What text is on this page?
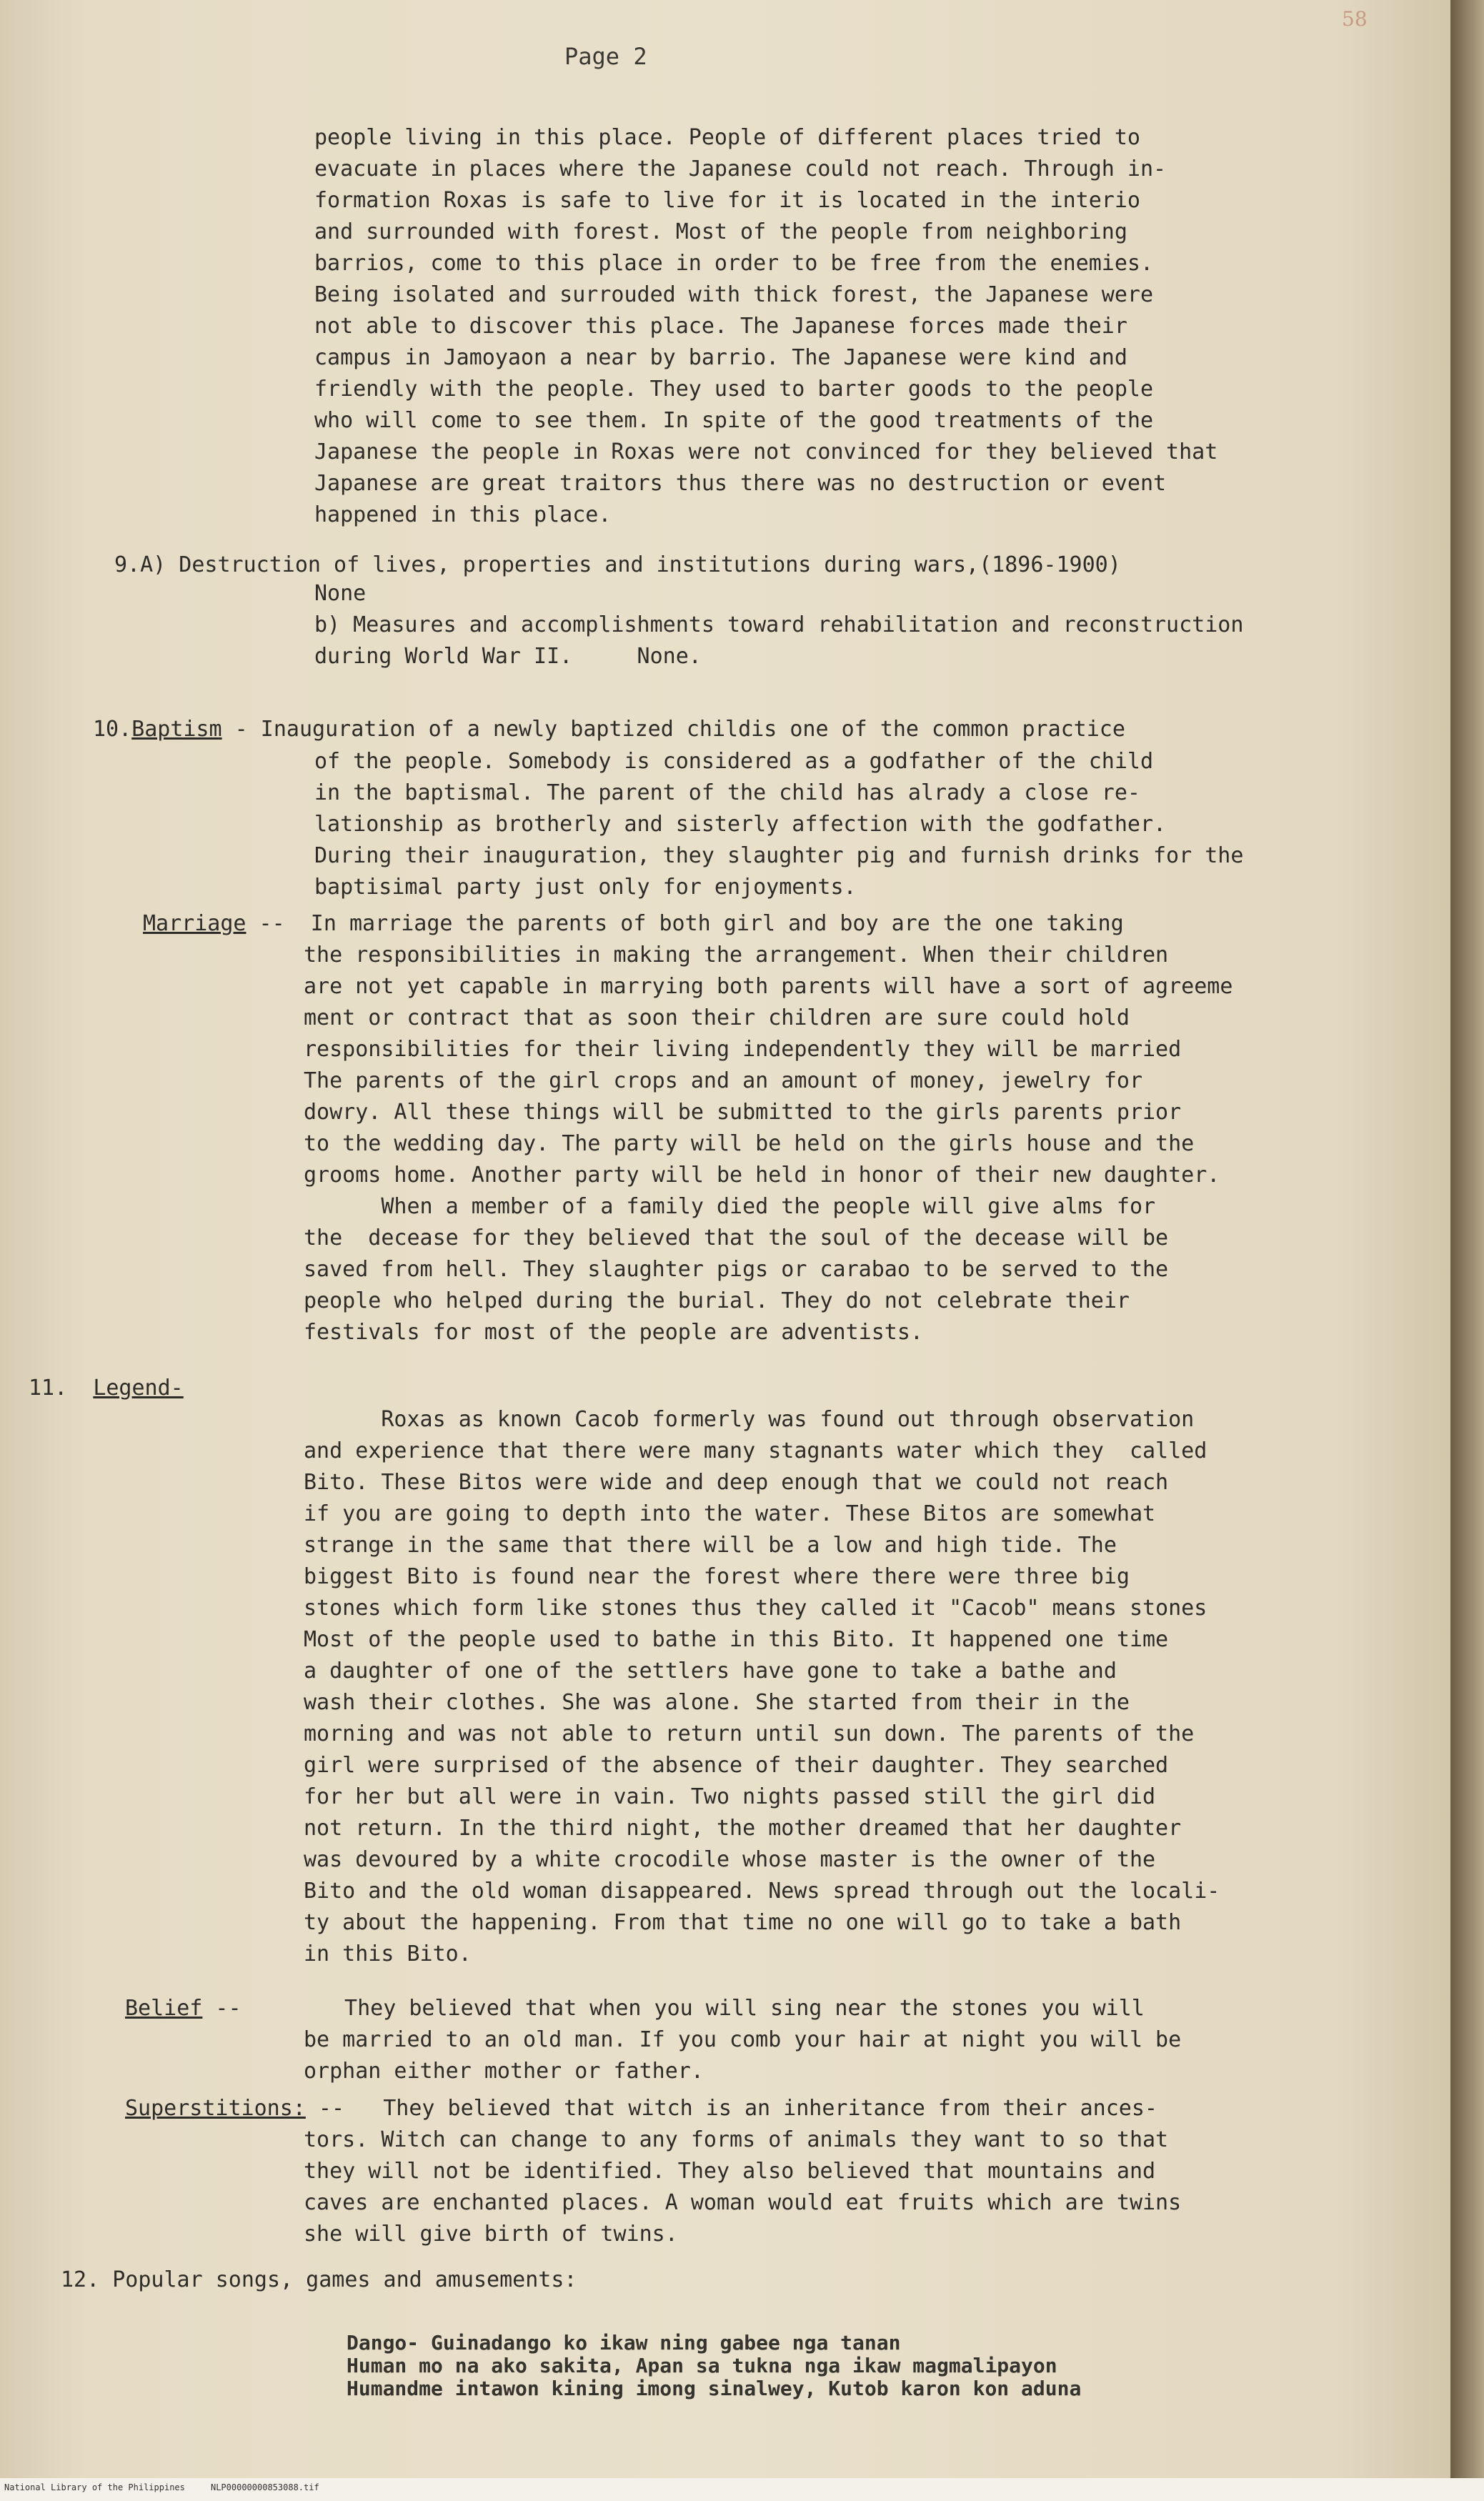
Page 2
58
people living in this place. People of different places tried to
evacuate in places where the Japanese could not reach. Through in-
formation Roxas is safe to live for it is located in the interio
and surrounded with forest. Most of the people from neighboring
barrios, come to this place in order to be free from the enemies.
Being isolated and surrouded with thick forest, the Japanese were
not able to discover this place. The Japanese forces made their
campus in Jamoyaon a near by barrio. The Japanese were kind and
friendly with the people. They used to barter goods to the people
who will come to see them. In spite of the good treatments of the
Japanese the people in Roxas were not convinced for they believed that
Japanese are great traitors thus there was no destruction or event
happened in this place.
9.A) Destruction of lives, properties and institutions during wars,(1896-1900)
None
b) Measures and accomplishments toward rehabilitation and reconstruction
during World War II.     None.
10.Baptism - Inauguration of a newly baptized childis one of the common practice
of the people. Somebody is considered as a godfather of the child
in the baptismal. The parent of the child has alrady a close re-
lationship as brotherly and sisterly affection with the godfather.
During their inauguration, they slaughter pig and furnish drinks for the
baptisimal party just only for enjoyments.
Marriage --  In marriage the parents of both girl and boy are the one taking
the responsibilities in making the arrangement. When their children
are not yet capable in marrying both parents will have a sort of agreeme
ment or contract that as soon their children are sure could hold
responsibilities for their living independently they will be married
The parents of the girl crops and an amount of money, jewelry for
dowry. All these things will be submitted to the girls parents prior
to the wedding day. The party will be held on the girls house and the
grooms home. Another party will be held in honor of their new daughter.
When a member of a family died the people will give alms for
the  decease for they believed that the soul of the decease will be
saved from hell. They slaughter pigs or carabao to be served to the
people who helped during the burial. They do not celebrate their
festivals for most of the people are adventists.
11. Legend-
Roxas as known Cacob formerly was found out through observation
and experience that there were many stagnants water which they  called
Bito. These Bitos were wide and deep enough that we could not reach
if you are going to depth into the water. These Bitos are somewhat
strange in the same that there will be a low and high tide. The
biggest Bito is found near the forest where there were three big
stones which form like stones thus they called it "Cacob" means stones
Most of the people used to bathe in this Bito. It happened one time
a daughter of one of the settlers have gone to take a bathe and
wash their clothes. She was alone. She started from their in the
morning and was not able to return until sun down. The parents of the
girl were surprised of the absence of their daughter. They searched
for her but all were in vain. Two nights passed still the girl did
not return. In the third night, the mother dreamed that her daughter
was devoured by a white crocodile whose master is the owner of the
Bito and the old woman disappeared. News spread through out the locali-
ty about the happening. From that time no one will go to take a bath
in this Bito.
Belief --        They believed that when you will sing near the stones you will
be married to an old man. If you comb your hair at night you will be
orphan either mother or father.
Superstitions: --   They believed that witch is an inheritance from their ances-
tors. Witch can change to any forms of animals they want to so that
they will not be identified. They also believed that mountains and
caves are enchanted places. A woman would eat fruits which are twins
she will give birth of twins.
12. Popular songs, games and amusements:
Dango- Guinadango ko ikaw ning gabee nga tanan
Human mo na ako sakita, Apan sa tukna nga ikaw magmalipayon
Humandme intawon kining imong sinalwey, Kutob karon kon aduna
National Library of the Philippines     NLP00000000853088.tif
